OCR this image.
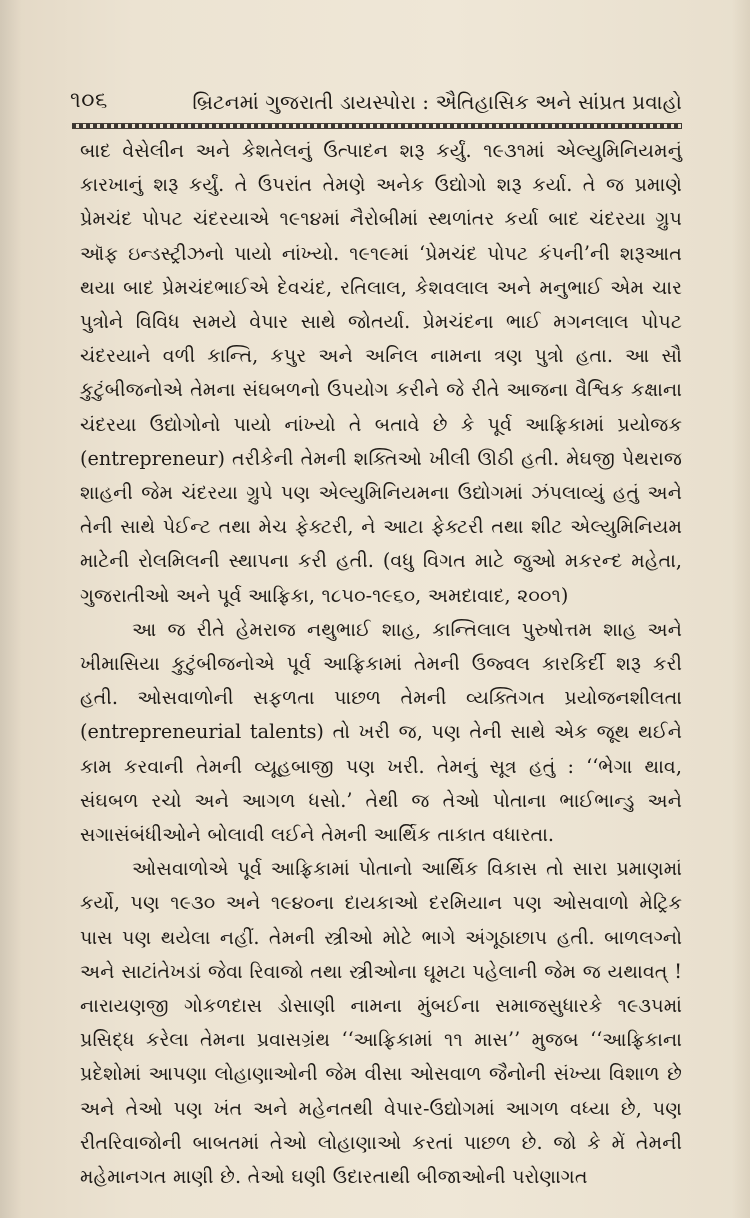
૧૦૬	બ્રિટનમાં ગુજરાતી ડાયસ્પોરા : ઐતિહાસિક અને સાંપ્રત પ્રવાહો

બાદ વેસેલીન અને કેશતેલનું ઉત્પાદન શરૂ કર્યું. ૧૯૩૧માં એલ્યુમિનિયમનું કારખાનું શરૂ કર્યું. તે ઉપરાંત તેમણે અનેક ઉદ્યોગો શરૂ કર્યા. તે જ પ્રમાણે પ્રેમચંદ પોપટ ચંદરયાએ ૧૯૧૪માં નૈરોબીમાં સ્થળાંતર કર્યા બાદ ચંદરયા ગ્રુપ ઑફ ઇન્ડસ્ટ્રીઝનો પાયો નાંખ્યો. ૧૯૧૯માં ‘પ્રેમચંદ પોપટ કંપની’ની શરૂઆત થયા બાદ પ્રેમચંદભાઈએ દેવચંદ, રતિલાલ, કેશવલાલ અને મનુભાઈ એમ ચાર પુત્રોને વિવિધ સમયે વેપાર સાથે જોતર્યા. પ્રેમચંદના ભાઈ મગનલાલ પોપટ ચંદરયાને વળી કાન્તિ, કપુર અને અનિલ નામના ત્રણ પુત્રો હતા. આ સૌ કુટુંબીજનોએ તેમના સંઘબળનો ઉપયોગ કરીને જે રીતે આજના વૈશ્વિક કક્ષાના ચંદરયા ઉદ્યોગોનો પાયો નાંખ્યો તે બતાવે છે કે પૂર્વ આફ્રિકામાં પ્રયોજક (entrepreneur) તરીકેની તેમની શક્તિઓ ખીલી ઊઠી હતી. મેઘજી પેથરાજ શાહની જેમ ચંદરયા ગ્રુપે પણ એલ્યુમિનિયમના ઉદ્યોગમાં ઝંપલાવ્યું હતું અને તેની સાથે પેઈન્ટ તથા મેચ ફેક્ટરી, ને આટા ફેક્ટરી તથા શીટ એલ્યુમિનિયમ માટેની રોલમિલની સ્થાપના કરી હતી. (વધુ વિગત માટે જુઓ મકરન્દ મહેતા, ગુજરાતીઓ અને પૂર્વ આફ્રિકા, ૧૮૫૦-૧૯૬૦, અમદાવાદ, ૨૦૦૧)

આ જ રીતે હેમરાજ નથુભાઈ શાહ, કાન્તિલાલ પુરુષોત્તમ શાહ અને ખીમાસિયા કુટુંબીજનોએ પૂર્વ આફ્રિકામાં તેમની ઉજ્વલ કારકિર્દી શરૂ કરી હતી. ઓસવાળોની સફળતા પાછળ તેમની વ્યક્તિગત પ્રયોજનશીલતા (entrepreneurial talents) તો ખરી જ, પણ તેની સાથે એક જૂથ થઈને કામ કરવાની તેમની વ્યૂહબાજી પણ ખરી. તેમનું સૂત્ર હતું : ‘‘ભેગા થાવ, સંઘબળ રચો અને આગળ ધસો.’ તેથી જ તેઓ પોતાના ભાઈભાન્ડુ અને સગાસંબંધીઓને બોલાવી લઈને તેમની આર્થિક તાકાત વધારતા.

ઓસવાળોએ પૂર્વ આફ્રિકામાં પોતાનો આર્થિક વિકાસ તો સારા પ્રમાણમાં કર્યો, પણ ૧૯૩૦ અને ૧૯૪૦ના દાયકાઓ દરમિયાન પણ ઓસવાળો મેટ્રિક પાસ પણ થયેલા નહીં. તેમની સ્ત્રીઓ મોટે ભાગે અંગૂઠાછાપ હતી. બાળલગ્નો અને સાટાંતેખડાં જેવા રિવાજો તથા સ્ત્રીઓના ઘૂમટા પહેલાની જેમ જ યથાવત્ ! નારાયણજી ગોકળદાસ ડોસાણી નામના મુંબઈના સમાજસુધારકે ૧૯૩૫માં પ્રસિદ્ધ કરેલા તેમના પ્રવાસગ્રંથ ‘‘આફ્રિકામાં ૧૧ માસ’’ મુજબ ‘‘આફ્રિકાના પ્રદેશોમાં આપણા લોહાણાઓની જેમ વીસા ઓસવાળ જૈનોની સંખ્યા વિશાળ છે અને તેઓ પણ ખંત અને મહેનતથી વેપાર-ઉદ્યોગમાં આગળ વધ્યા છે, પણ રીતરિવાજોની બાબતમાં તેઓ લોહાણાઓ કરતાં પાછળ છે. જો કે મેં તેમની મહેમાનગત માણી છે. તેઓ ઘણી ઉદારતાથી બીજાઓની પરોણાગત
